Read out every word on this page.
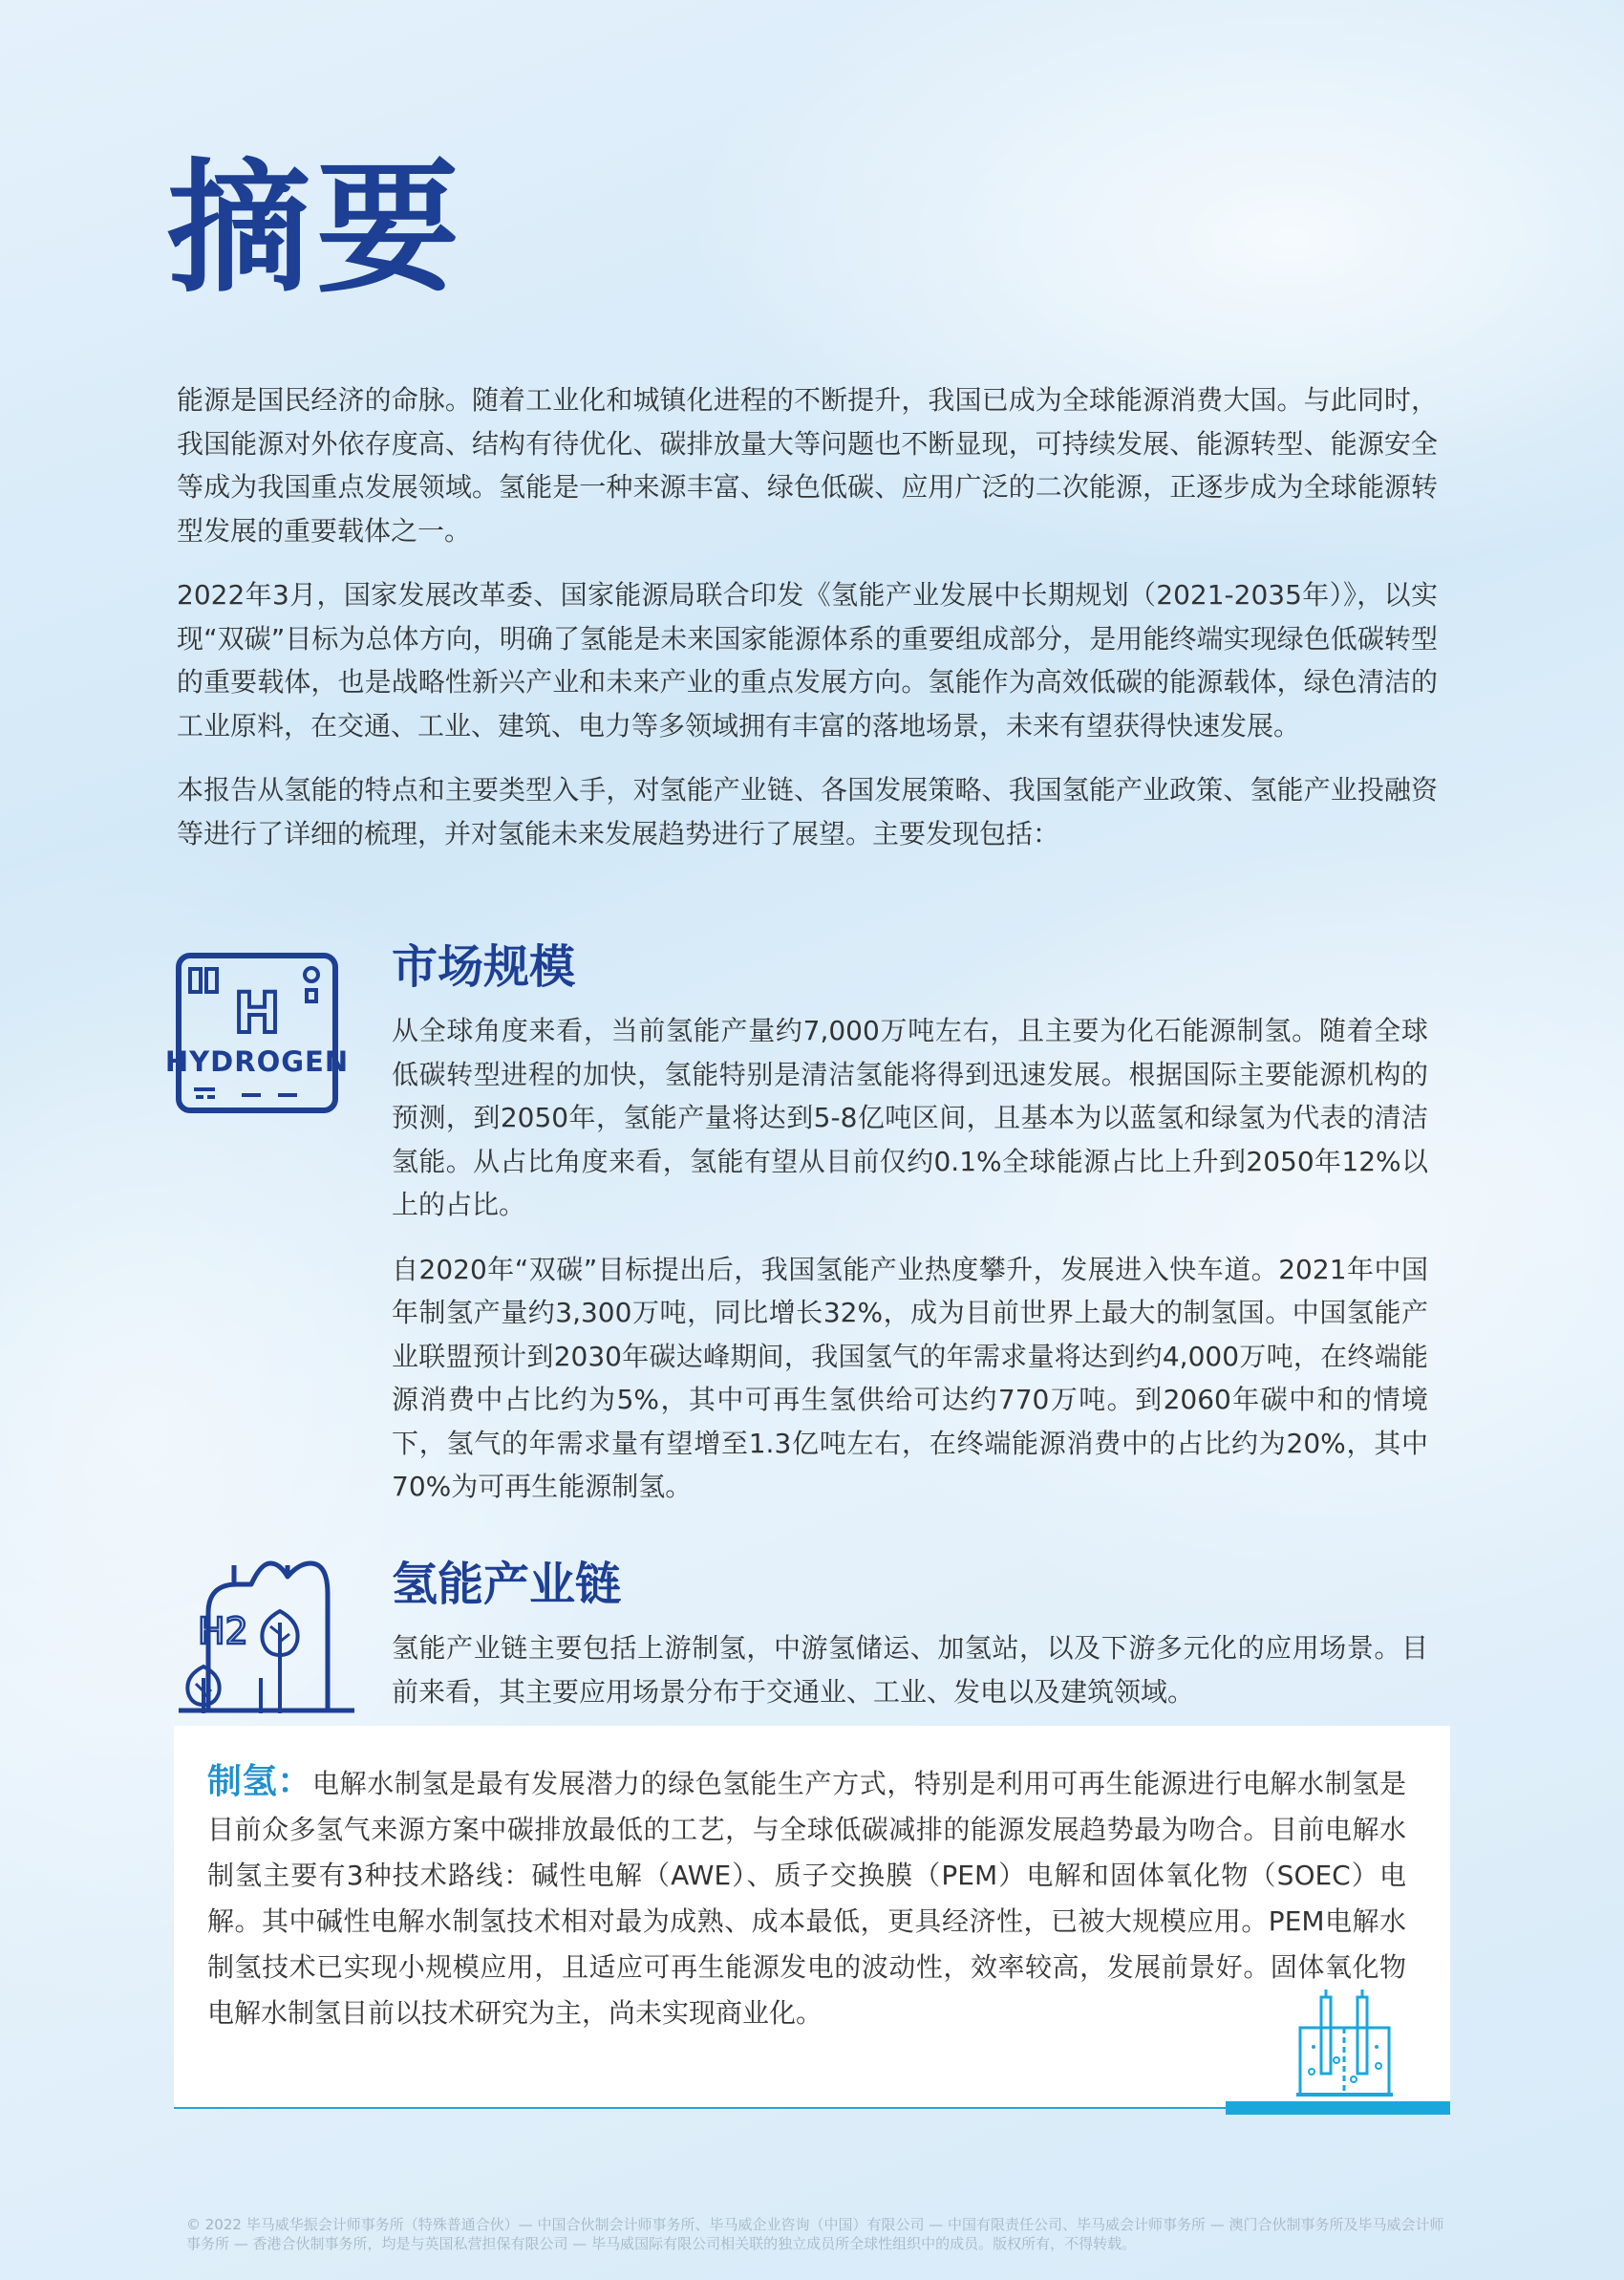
摘要

能源是国民经济的命脉。随着工业化和城镇化进程的不断提升，我国已成为全球能源消费大国。与此同时，我国能源对外依存度高、结构有待优化、碳排放量大等问题也不断显现，可持续发展、能源转型、能源安全等成为我国重点发展领域。氢能是一种来源丰富、绿色低碳、应用广泛的二次能源，正逐步成为全球能源转型发展的重要载体之一。

2022年3月，国家发展改革委、国家能源局联合印发《氢能产业发展中长期规划（2021-2035年）》，以实现“双碳”目标为总体方向，明确了氢能是未来国家能源体系的重要组成部分，是用能终端实现绿色低碳转型的重要载体，也是战略性新兴产业和未来产业的重点发展方向。氢能作为高效低碳的能源载体，绿色清洁的工业原料，在交通、工业、建筑、电力等多领域拥有丰富的落地场景，未来有望获得快速发展。

本报告从氢能的特点和主要类型入手，对氢能产业链、各国发展策略、我国氢能产业政策、氢能产业投融资等进行了详细的梳理，并对氢能未来发展趋势进行了展望。主要发现包括：

H
HYDROGEN
市场规模

从全球角度来看，当前氢能产量约7,000万吨左右，且主要为化石能源制氢。随着全球低碳转型进程的加快，氢能特别是清洁氢能将得到迅速发展。根据国际主要能源机构的预测，到2050年，氢能产量将达到5-8亿吨区间，且基本为以蓝氢和绿氢为代表的清洁氢能。从占比角度来看，氢能有望从目前仅约0.1%全球能源占比上升到2050年12%以上的占比。

自2020年“双碳”目标提出后，我国氢能产业热度攀升，发展进入快车道。2021年中国年制氢产量约3,300万吨，同比增长32%，成为目前世界上最大的制氢国。中国氢能产业联盟预计到2030年碳达峰期间，我国氢气的年需求量将达到约4,000万吨，在终端能源消费中占比约为5%，其中可再生氢供给可达约770万吨。到2060年碳中和的情境下，氢气的年需求量有望增至1.3亿吨左右，在终端能源消费中的占比约为20%，其中70%为可再生能源制氢。

H2
氢能产业链

氢能产业链主要包括上游制氢，中游氢储运、加氢站，以及下游多元化的应用场景。目前来看，其主要应用场景分布于交通业、工业、发电以及建筑领域。

制氢：电解水制氢是最有发展潜力的绿色氢能生产方式，特别是利用可再生能源进行电解水制氢是目前众多氢气来源方案中碳排放最低的工艺，与全球低碳减排的能源发展趋势最为吻合。目前电解水制氢主要有3种技术路线：碱性电解（AWE）、质子交换膜（PEM）电解和固体氧化物（SOEC）电解。其中碱性电解水制氢技术相对最为成熟、成本最低，更具经济性，已被大规模应用。PEM电解水制氢技术已实现小规模应用，且适应可再生能源发电的波动性，效率较高，发展前景好。固体氧化物电解水制氢目前以技术研究为主，尚未实现商业化。

© 2022 毕马威华振会计师事务所（特殊普通合伙）— 中国合伙制会计师事务所、毕马威企业咨询（中国）有限公司 — 中国有限责任公司、毕马威会计师事务所 — 澳门合伙制事务所及毕马威会计师事务所 — 香港合伙制事务所，均是与英国私营担保有限公司 — 毕马威国际有限公司相关联的独立成员所全球性组织中的成员。版权所有，不得转载。
